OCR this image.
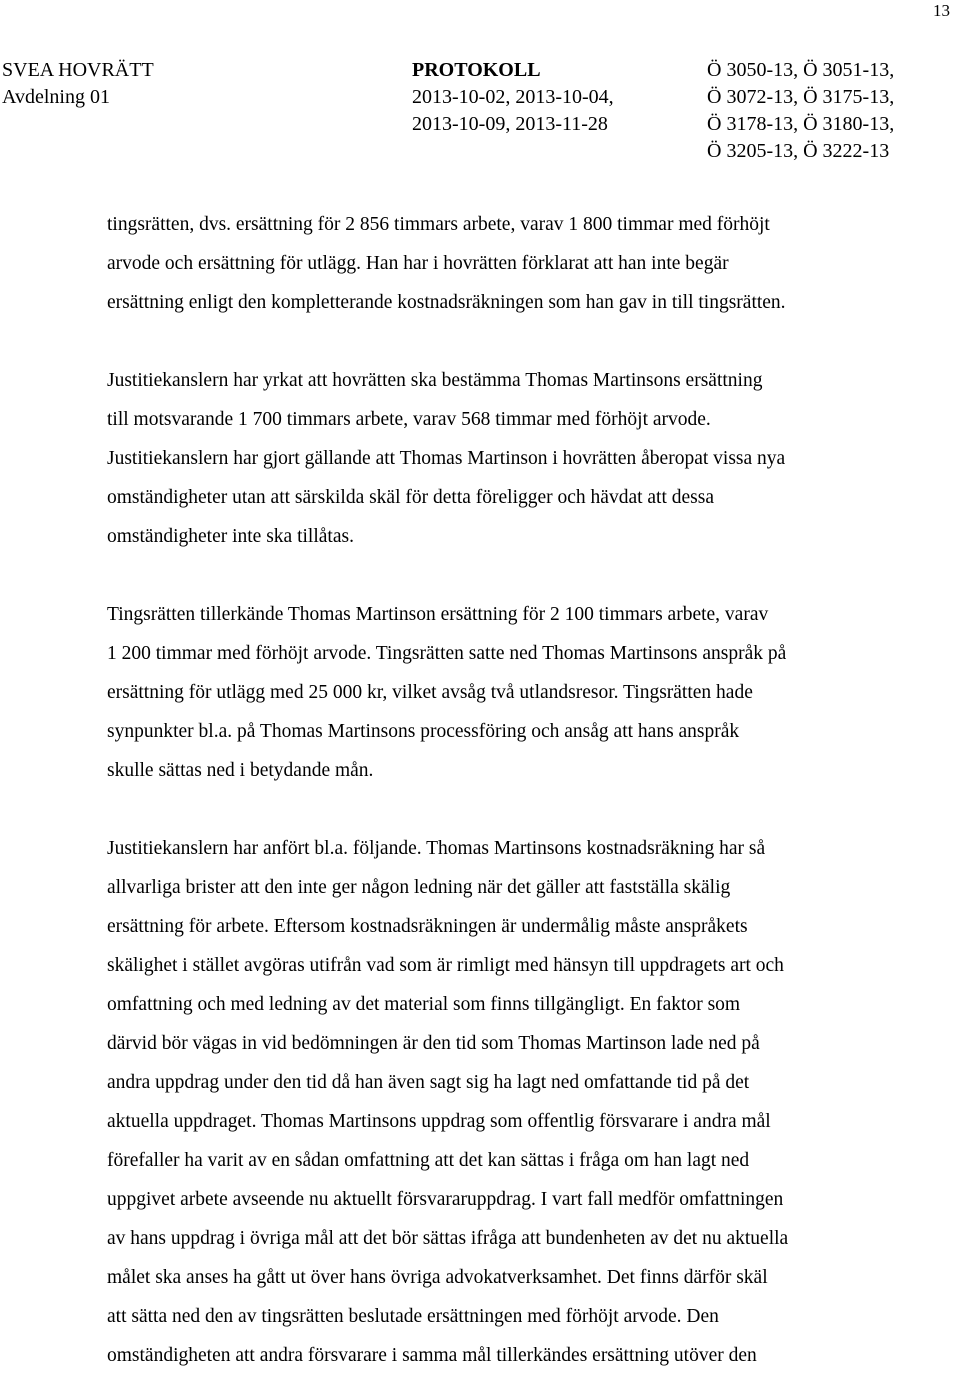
13
SVEA HOVRÄTT
Avdelning 01
PROTOKOLL
2013-10-02, 2013-10-04,
2013-10-09, 2013-11-28
Ö 3050-13, Ö 3051-13,
Ö 3072-13, Ö 3175-13,
Ö 3178-13, Ö 3180-13,
Ö 3205-13, Ö 3222-13
tingsrätten, dvs. ersättning för 2 856 timmars arbete, varav 1 800 timmar med förhöjt
arvode och ersättning för utlägg. Han har i hovrätten förklarat att han inte begär
ersättning enligt den kompletterande kostnadsräkningen som han gav in till tingsrätten.
Justitiekanslern har yrkat att hovrätten ska bestämma Thomas Martinsons ersättning
till motsvarande 1 700 timmars arbete, varav 568 timmar med förhöjt arvode.
Justitiekanslern har gjort gällande att Thomas Martinson i hovrätten åberopat vissa nya
omständigheter utan att särskilda skäl för detta föreligger och hävdat att dessa
omständigheter inte ska tillåtas.
Tingsrätten tillerkände Thomas Martinson ersättning för 2 100 timmars arbete, varav
1 200 timmar med förhöjt arvode. Tingsrätten satte ned Thomas Martinsons anspråk på
ersättning för utlägg med 25 000 kr, vilket avsåg två utlandsresor. Tingsrätten hade
synpunkter bl.a. på Thomas Martinsons processföring och ansåg att hans anspråk
skulle sättas ned i betydande mån.
Justitiekanslern har anfört bl.a. följande. Thomas Martinsons kostnadsräkning har så
allvarliga brister att den inte ger någon ledning när det gäller att fastställa skälig
ersättning för arbete. Eftersom kostnadsräkningen är undermålig måste anspråkets
skälighet i stället avgöras utifrån vad som är rimligt med hänsyn till uppdragets art och
omfattning och med ledning av det material som finns tillgängligt. En faktor som
därvid bör vägas in vid bedömningen är den tid som Thomas Martinson lade ned på
andra uppdrag under den tid då han även sagt sig ha lagt ned omfattande tid på det
aktuella uppdraget. Thomas Martinsons uppdrag som offentlig försvarare i andra mål
förefaller ha varit av en sådan omfattning att det kan sättas i fråga om han lagt ned
uppgivet arbete avseende nu aktuellt försvararuppdrag. I vart fall medför omfattningen
av hans uppdrag i övriga mål att det bör sättas ifråga att bundenheten av det nu aktuella
målet ska anses ha gått ut över hans övriga advokatverksamhet. Det finns därför skäl
att sätta ned den av tingsrätten beslutade ersättningen med förhöjt arvode. Den
omständigheten att andra försvarare i samma mål tillerkändes ersättning utöver den
